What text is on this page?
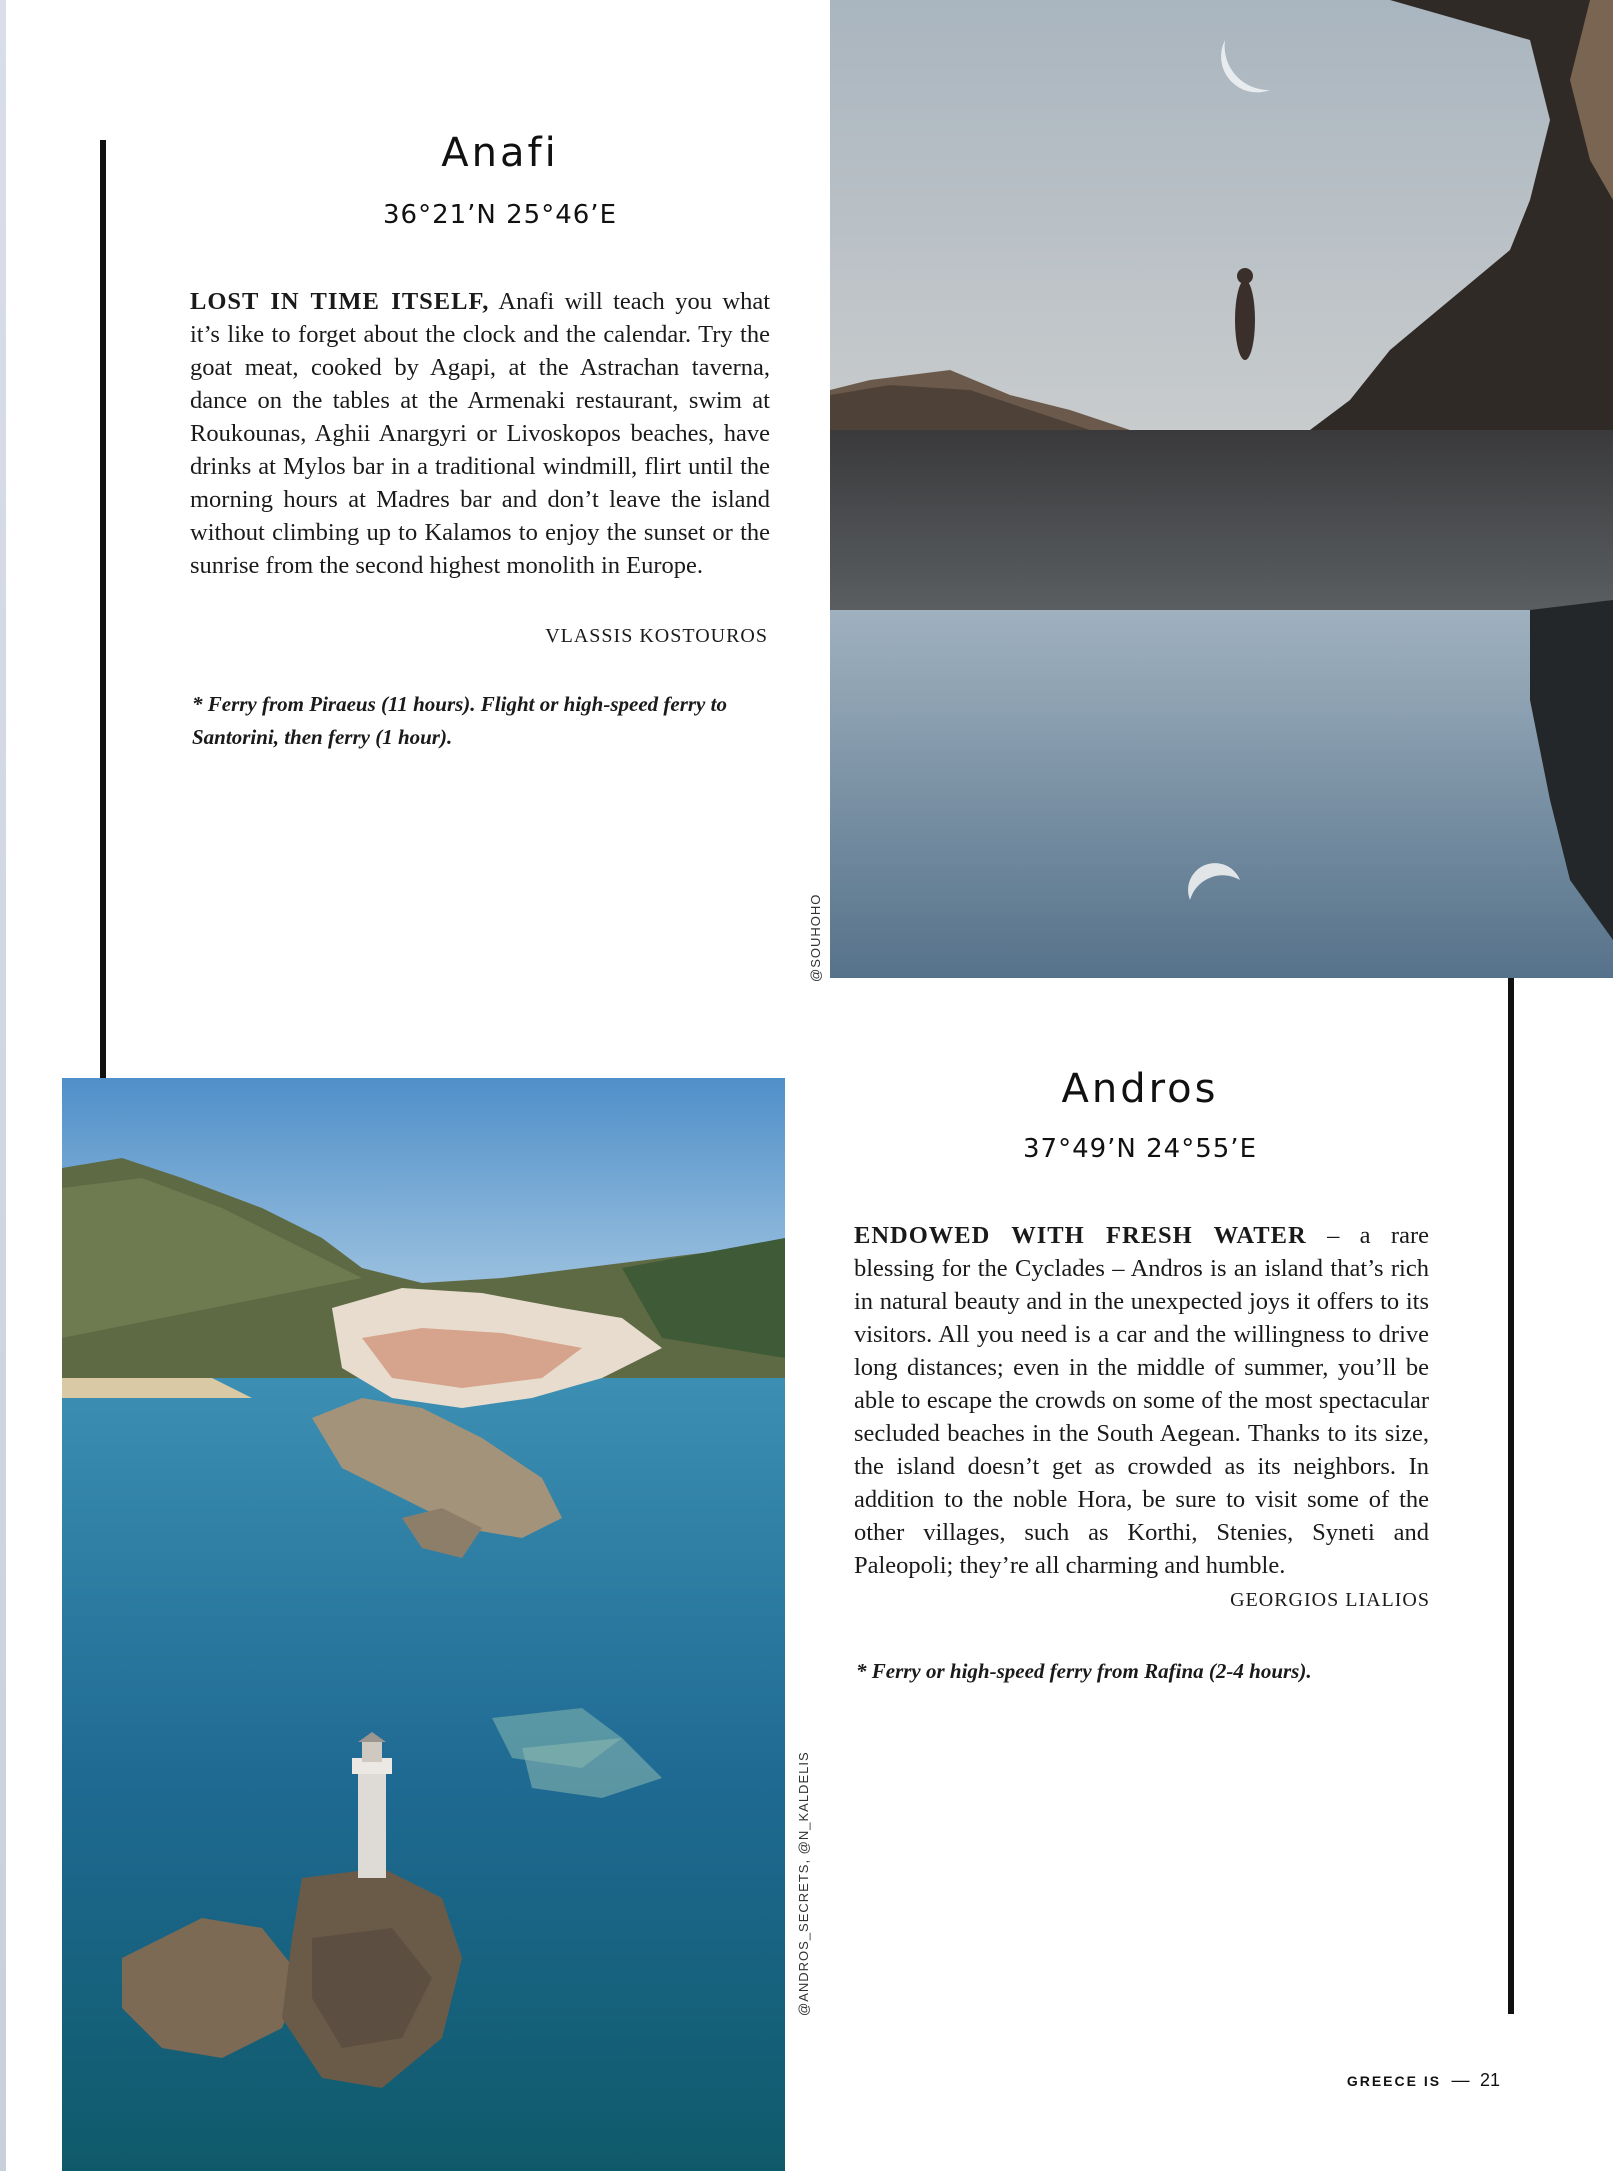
Anafi
36°21’N 25°46’E
LOST IN TIME ITSELF, Anafi will teach you what it’s like to forget about the clock and the calendar. Try the goat meat, cooked by Agapi, at the Astrachan taverna, dance on the tables at the Armenaki restaurant, swim at Roukounas, Aghii Anargyri or Livoskopos beaches, have drinks at Mylos bar in a traditional windmill, flirt until the morning hours at Madres bar and don’t leave the island without climbing up to Kalamos to enjoy the sunset or the sunrise from the second highest monolith in Europe.
VLASSIS KOSTOUROS
* Ferry from Piraeus (11 hours). Flight or high-speed ferry to Santorini, then ferry (1 hour).
@SOUHOHO
@ANDROS_SECRETS, @N_KALDELIS
Andros
37°49’N 24°55’E
ENDOWED WITH FRESH WATER – a rare blessing for the Cyclades – Andros is an island that’s rich in natural beauty and in the unexpected joys it offers to its visitors. All you need is a car and the willingness to drive long distances; even in the middle of summer, you’ll be able to escape the crowds on some of the most spectacular secluded beaches in the South Aegean. Thanks to its size, the island doesn’t get as crowded as its neighbors. In addition to the noble Hora, be sure to visit some of the other villages, such as Korthi, Stenies, Syneti and Paleopoli; they’re all charming and humble.
GEORGIOS LIALIOS
* Ferry or high-speed ferry from Rafina (2-4 hours).
GREECE IS — 21
